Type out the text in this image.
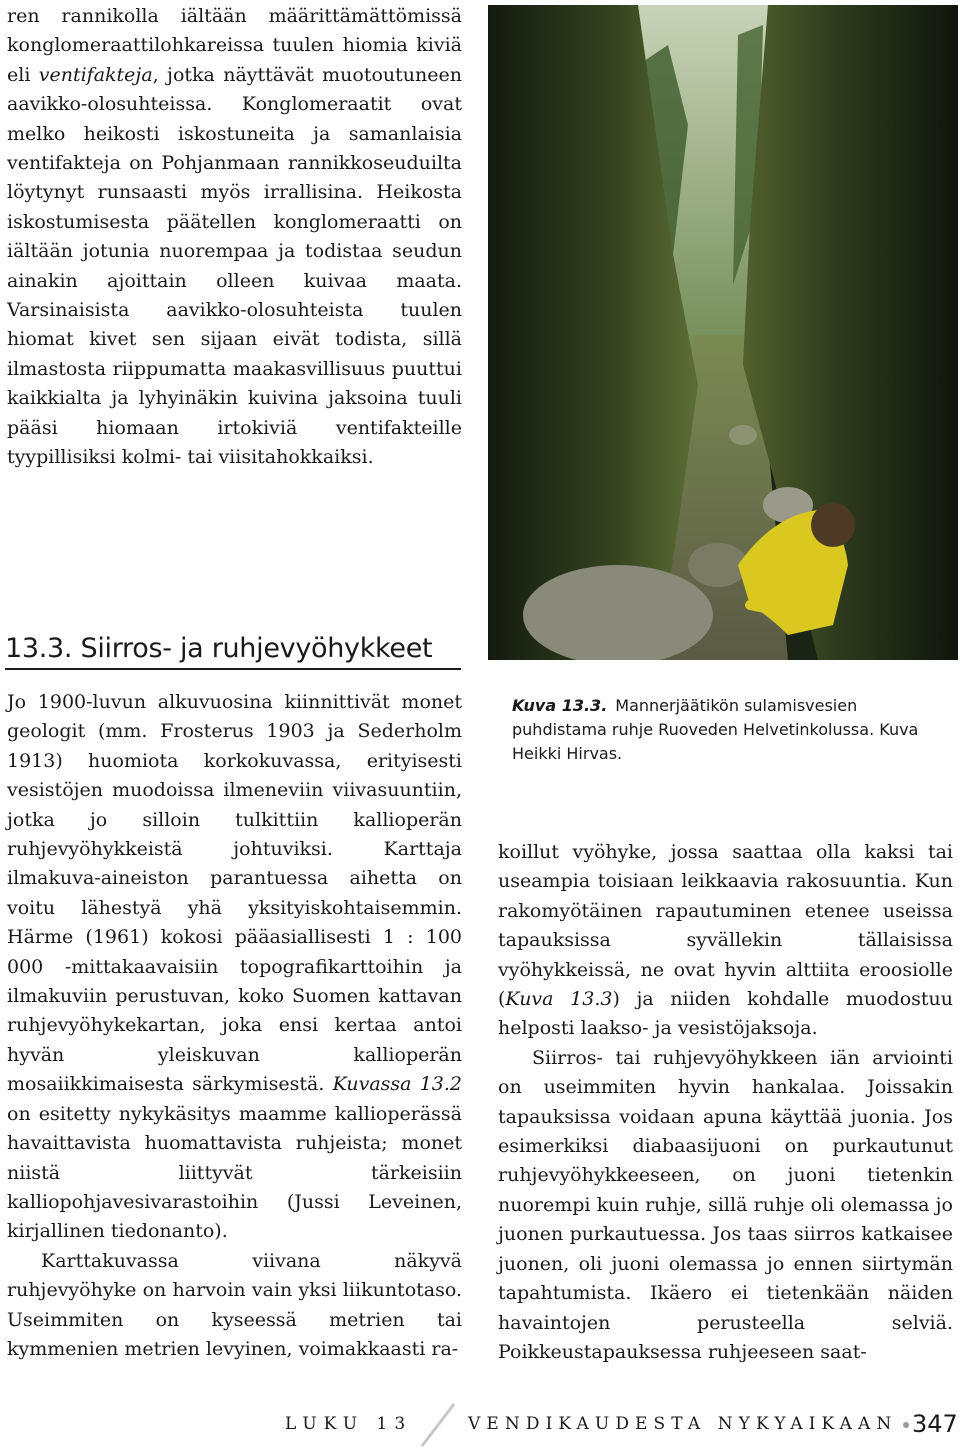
ren rannikolla iältään määrittämättömissä konglomeraattilohkareissa tuulen hiomia kiviä eli ventifakteja, jotka näyttävät muotoutuneen aavikko-olosuhteissa. Konglomeraatit ovat melko heikosti iskostuneita ja samanlaisia ventifakteja on Pohjanmaan rannikkoseuduilta löytynyt runsaasti myös irrallisina. Heikosta iskostumisesta päätellen konglomeraatti on iältään jotunia nuorempaa ja todistaa seudun ainakin ajoittain olleen kuivaa maata. Varsinaisista aavikko-olosuhteista tuulen hiomat kivet sen sijaan eivät todista, sillä ilmastosta riippumatta maakasvillisuus puuttui kaikkialta ja lyhyinäkin kuivina jaksoina tuuli pääsi hiomaan irtokiviä ventifakteille tyypillisiksi kolmi- tai viisitahokkaiksi.

13.3. Siirros- ja ruhjevyöhykkeet

Jo 1900-luvun alkuvuosina kiinnittivät monet geologit (mm. Frosterus 1903 ja Sederholm 1913) huomiota korkokuvassa, erityisesti vesistöjen muodoissa ilmeneviin viivasuuntiin, jotka jo silloin tulkittiin kallioperän ruhjevyöhykkeistä johtuviksi. Karttaja ilmakuva-aineiston parantuessa aihetta on voitu lähestyä yhä yksityiskohtaisemmin. Härme (1961) kokosi pääasiallisesti 1 : 100 000 -mittakaavaisiin topografikarttoihin ja ilmakuviin perustuvan, koko Suomen kattavan ruhjevyöhykekartan, joka ensi kertaa antoi hyvän yleiskuvan kallioperän mosaiikkimaisesta särkymisestä. Kuvassa 13.2 on esitetty nykykäsitys maamme kallioperässä havaittavista huomattavista ruhjeista; monet niistä liittyvät tärkeisiin kalliopohjavesivarastoihin (Jussi Leveinen, kirjallinen tiedonanto).

Karttakuvassa viivana näkyvä ruhjevyöhyke on harvoin vain yksi liikuntotaso. Useimmiten on kyseessä metrien tai kymmenien metrien levyinen, voimakkaasti ra-

Kuva 13.3. Mannerjäätikön sulamisvesien puhdistama ruhje Ruoveden Helvetinkolussa. Kuva Heikki Hirvas.

koillut vyöhyke, jossa saattaa olla kaksi tai useampia toisiaan leikkaavia rakosuuntia. Kun rakomyötäinen rapautuminen etenee useissa tapauksissa syvällekin tällaisissa vyöhykkeissä, ne ovat hyvin alttiita eroosiolle (Kuva 13.3) ja niiden kohdalle muodostuu helposti laakso- ja vesistöjaksoja.

Siirros- tai ruhjevyöhykkeen iän arviointi on useimmiten hyvin hankalaa. Joissakin tapauksissa voidaan apuna käyttää juonia. Jos esimerkiksi diabaasijuoni on purkautunut ruhjevyöhykkeeseen, on juoni tietenkin nuorempi kuin ruhje, sillä ruhje oli olemassa jo juonen purkautuessa. Jos taas siirros katkaisee juonen, oli juoni olemassa jo ennen siirtymän tapahtumista. Ikäero ei tietenkään näiden havaintojen perusteella selviä. Poikkeustapauksessa ruhjeeseen saat-

LUKU 13	VENDIKAUDESTA NYKYAIKAAN 347
